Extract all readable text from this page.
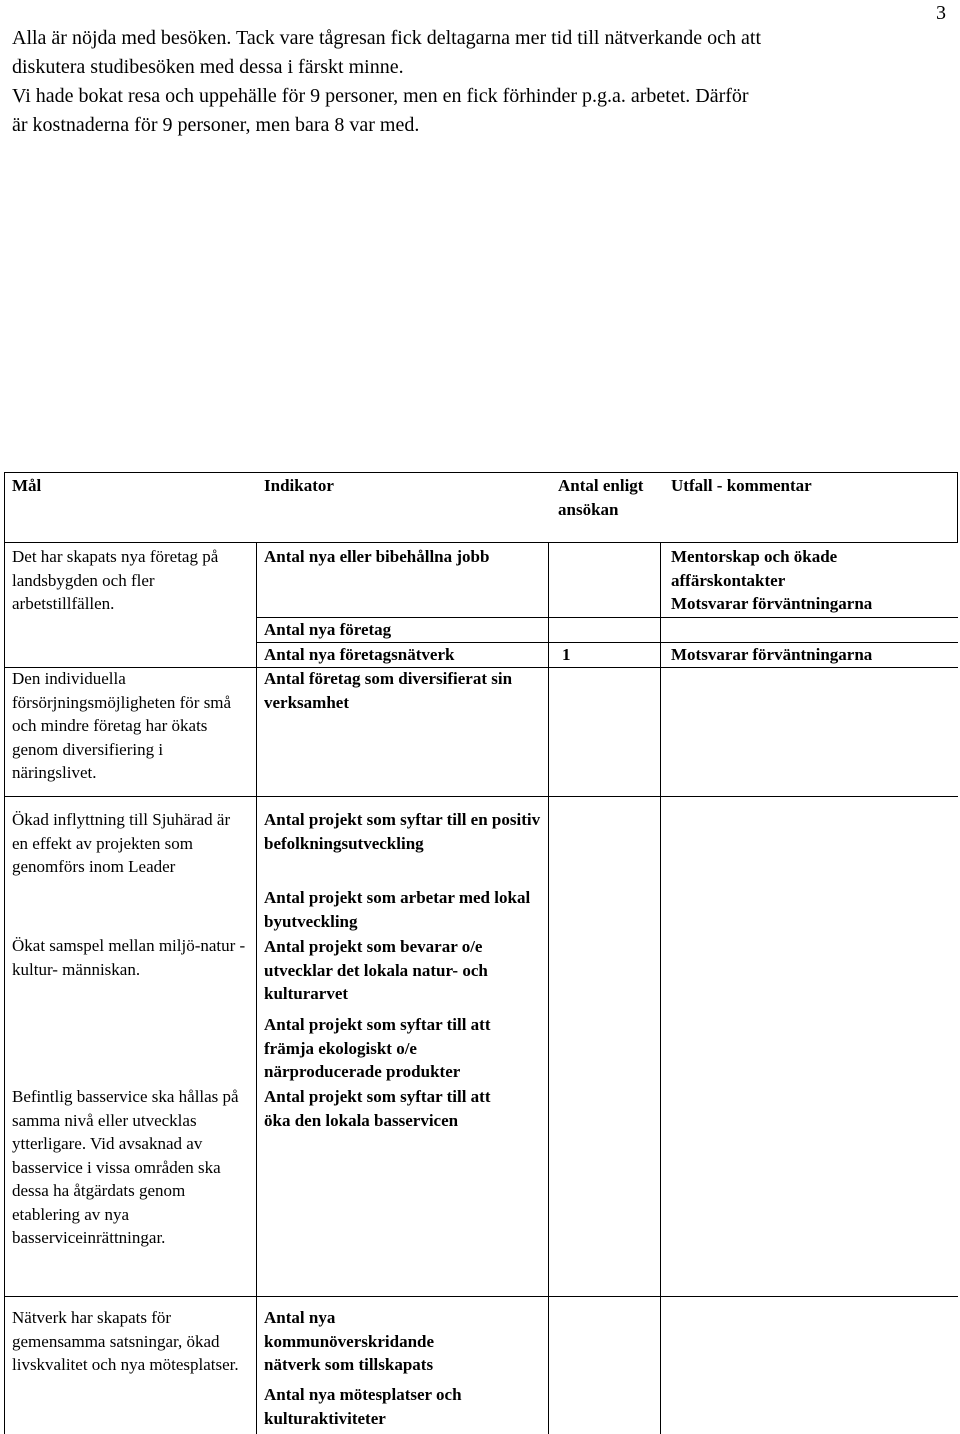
3

Alla är nöjda med besöken. Tack vare tågresan fick deltagarna mer tid till nätverkande och att

diskutera studibesöken med dessa i färskt minne.

Vi hade bokat resa och uppehälle för 9 personer, men en fick förhinder p.g.a. arbetet. Därför

är kostnaderna för 9 personer, men bara 8 var med.

Mål	Indikator	Antal enligt ansökan
Utfall - kommentar
Det har skapats nya företag på landsbygden och fler arbetstillfällen.
Den individuella försörjningsmöjligheten för små och mindre företag har ökats genom diversifiering i näringslivet.
Ökad inflyttning till Sjuhärad är en effekt av projekten som genomförs inom Leader
Ökat samspel mellan miljö-natur - kultur- människan.
Befintlig basservice ska hållas på samma nivå eller utvecklas ytterligare. Vid avsaknad av basservice i vissa områden ska dessa ha åtgärdats genom etablering av nya basserviceinrättningar.
Nätverk har skapats för gemensamma satsningar, ökad livskvalitet och nya mötesplatser.
Antal nya eller bibehållna jobb
Antal nya företag
Antal nya företagsnätverk
Antal företag som diversifierat sin verksamhet
Antal projekt som syftar till en positiv befolkningsutveckling
Antal projekt som arbetar med lokal byutveckling
Antal projekt som bevarar o/e utvecklar det lokala natur- och kulturarvet
Antal projekt som syftar till att främja ekologiskt o/e närproducerade produkter
Antal projekt som syftar till att öka den lokala basservicen
Antal nya kommunöverskridande nätverk som tillskapats
Antal nya mötesplatser och kulturaktiviteter
1
Mentorskap och ökade
affärskontakter
Motsvarar förväntningarna
Motsvarar förväntningarna
